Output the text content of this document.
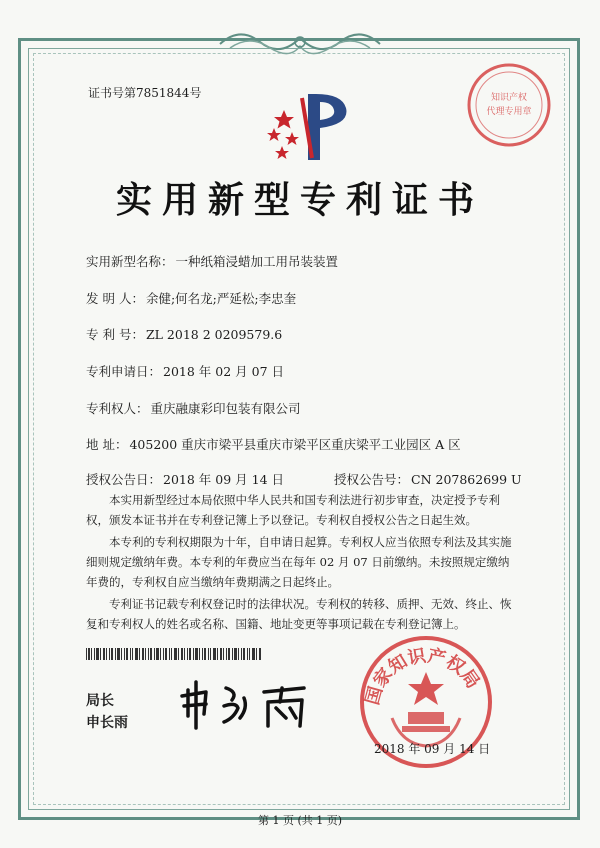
证书号第7851844号	知识产权
代理专用章
实用新型专利证书
实用新型名称： 一种纸箱浸蜡加工用吊装装置
发 明 人： 余健;何名龙;严延松;李忠奎
专 利 号： ZL 2018 2 0209579.6
专利申请日： 2018 年 02 月 07 日
专利权人： 重庆融康彩印包装有限公司
地 址： 405200 重庆市梁平县重庆市梁平区重庆梁平工业园区 A 区
授权公告日： 2018 年 09 月 14 日	授权公告号： CN 207862699 U

本实用新型经过本局依照中华人民共和国专利法进行初步审查，决定授予专利权，颁发本证书并在专利登记簿上予以登记。专利权自授权公告之日起生效。

本专利的专利权期限为十年，自申请日起算。专利权人应当依照专利法及其实施细则规定缴纳年费。本专利的年费应当在每年 02 月 07 日前缴纳。未按照规定缴纳年费的，专利权自应当缴纳年费期满之日起终止。

专利证书记载专利权登记时的法律状况。专利权的转移、质押、无效、终止、恢复和专利权人的姓名或名称、国籍、地址变更等事项记载在专利登记簿上。

局长
申长雨
国家知识产权局
2018 年 09 月 14 日
第 1 页 (共 1 页)
